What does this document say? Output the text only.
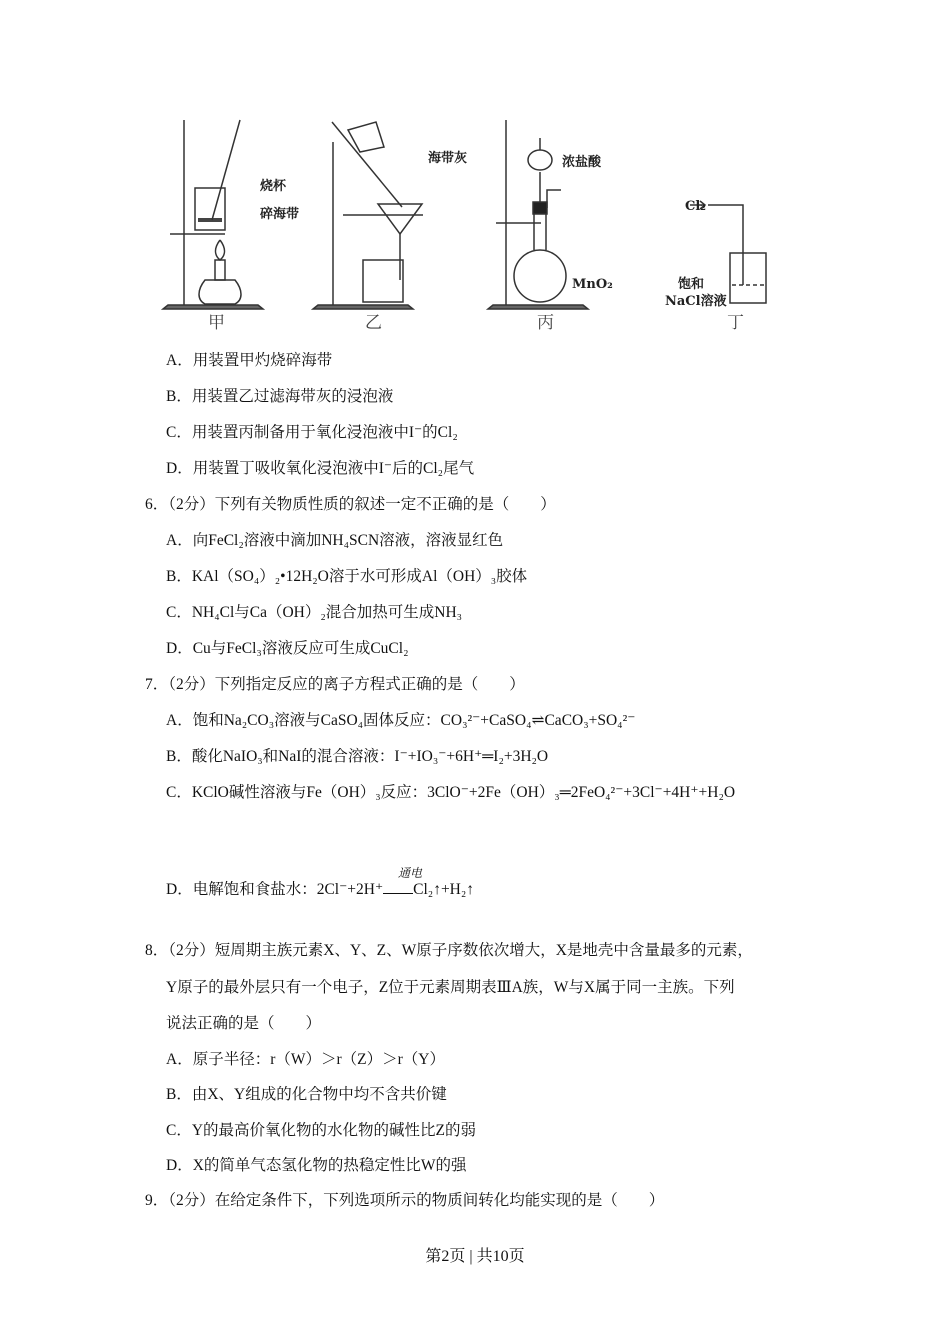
烧杯
碎海带
海带灰	浓盐酸
MnO₂
Cl₂
饱和
NaCl溶液
甲	乙	丙	丁
A．用装置甲灼烧碎海带
B．用装置乙过滤海带灰的浸泡液
C．用装置丙制备用于氧化浸泡液中I⁻的Cl₂
D．用装置丁吸收氧化浸泡液中I⁻后的Cl₂尾气
6．（2分）下列有关物质性质的叙述一定不正确的是（　　）
A．向FeCl₂溶液中滴加NH₄SCN溶液，溶液显红色
B．KAl（SO₄）₂•12H₂O溶于水可形成Al（OH）₃胶体
C．NH₄Cl与Ca（OH）₂混合加热可生成NH₃
D．Cu与FeCl₃溶液反应可生成CuCl₂
7．（2分）下列指定反应的离子方程式正确的是（　　）
A．饱和Na₂CO₃溶液与CaSO₄固体反应：CO₃²⁻+CaSO₄⇌CaCO₃+SO₄²⁻
B．酸化NaIO₃和NaI的混合溶液：I⁻+IO₃⁻+6H⁺═I₂+3H₂O
C．KClO碱性溶液与Fe（OH）₃反应：3ClO⁻+2Fe（OH）₃═2FeO₄²⁻+3Cl⁻+4H⁺+H₂O
通电
D．电解饱和食盐水：2Cl⁻+2H⁺ Cl₂↑+H₂↑
8．（2分）短周期主族元素X、Y、Z、W原子序数依次增大，X是地壳中含量最多的元素，
Y原子的最外层只有一个电子，Z位于元素周期表ⅢA族，W与X属于同一主族。下列
说法正确的是（　　）
A．原子半径：r（W）＞r（Z）＞r（Y）
B．由X、Y组成的化合物中均不含共价键
C．Y的最高价氧化物的水化物的碱性比Z的弱
D．X的简单气态氢化物的热稳定性比W的强
9．（2分）在给定条件下，下列选项所示的物质间转化均能实现的是（　　）
第2页 | 共10页
